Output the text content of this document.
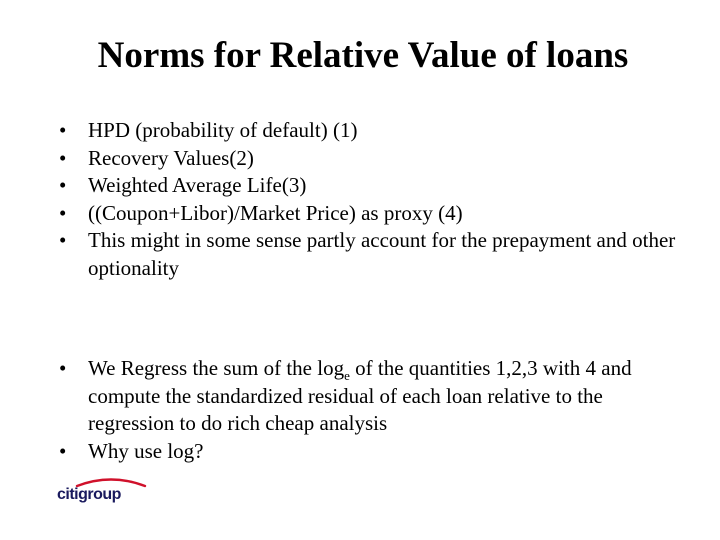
Norms for Relative Value of loans
• HPD (probability of default) (1)
• Recovery Values(2)
• Weighted Average Life(3)
• ((Coupon+Libor)/Market Price) as proxy (4)
• This might in some sense partly account for the prepayment and other optionality
• We Regress the sum of the $\log_e$ of the quantities 1,2,3 with 4 and compute the standardized residual of each loan relative to the regression to do rich cheap analysis
• Why use log?
citigroup
